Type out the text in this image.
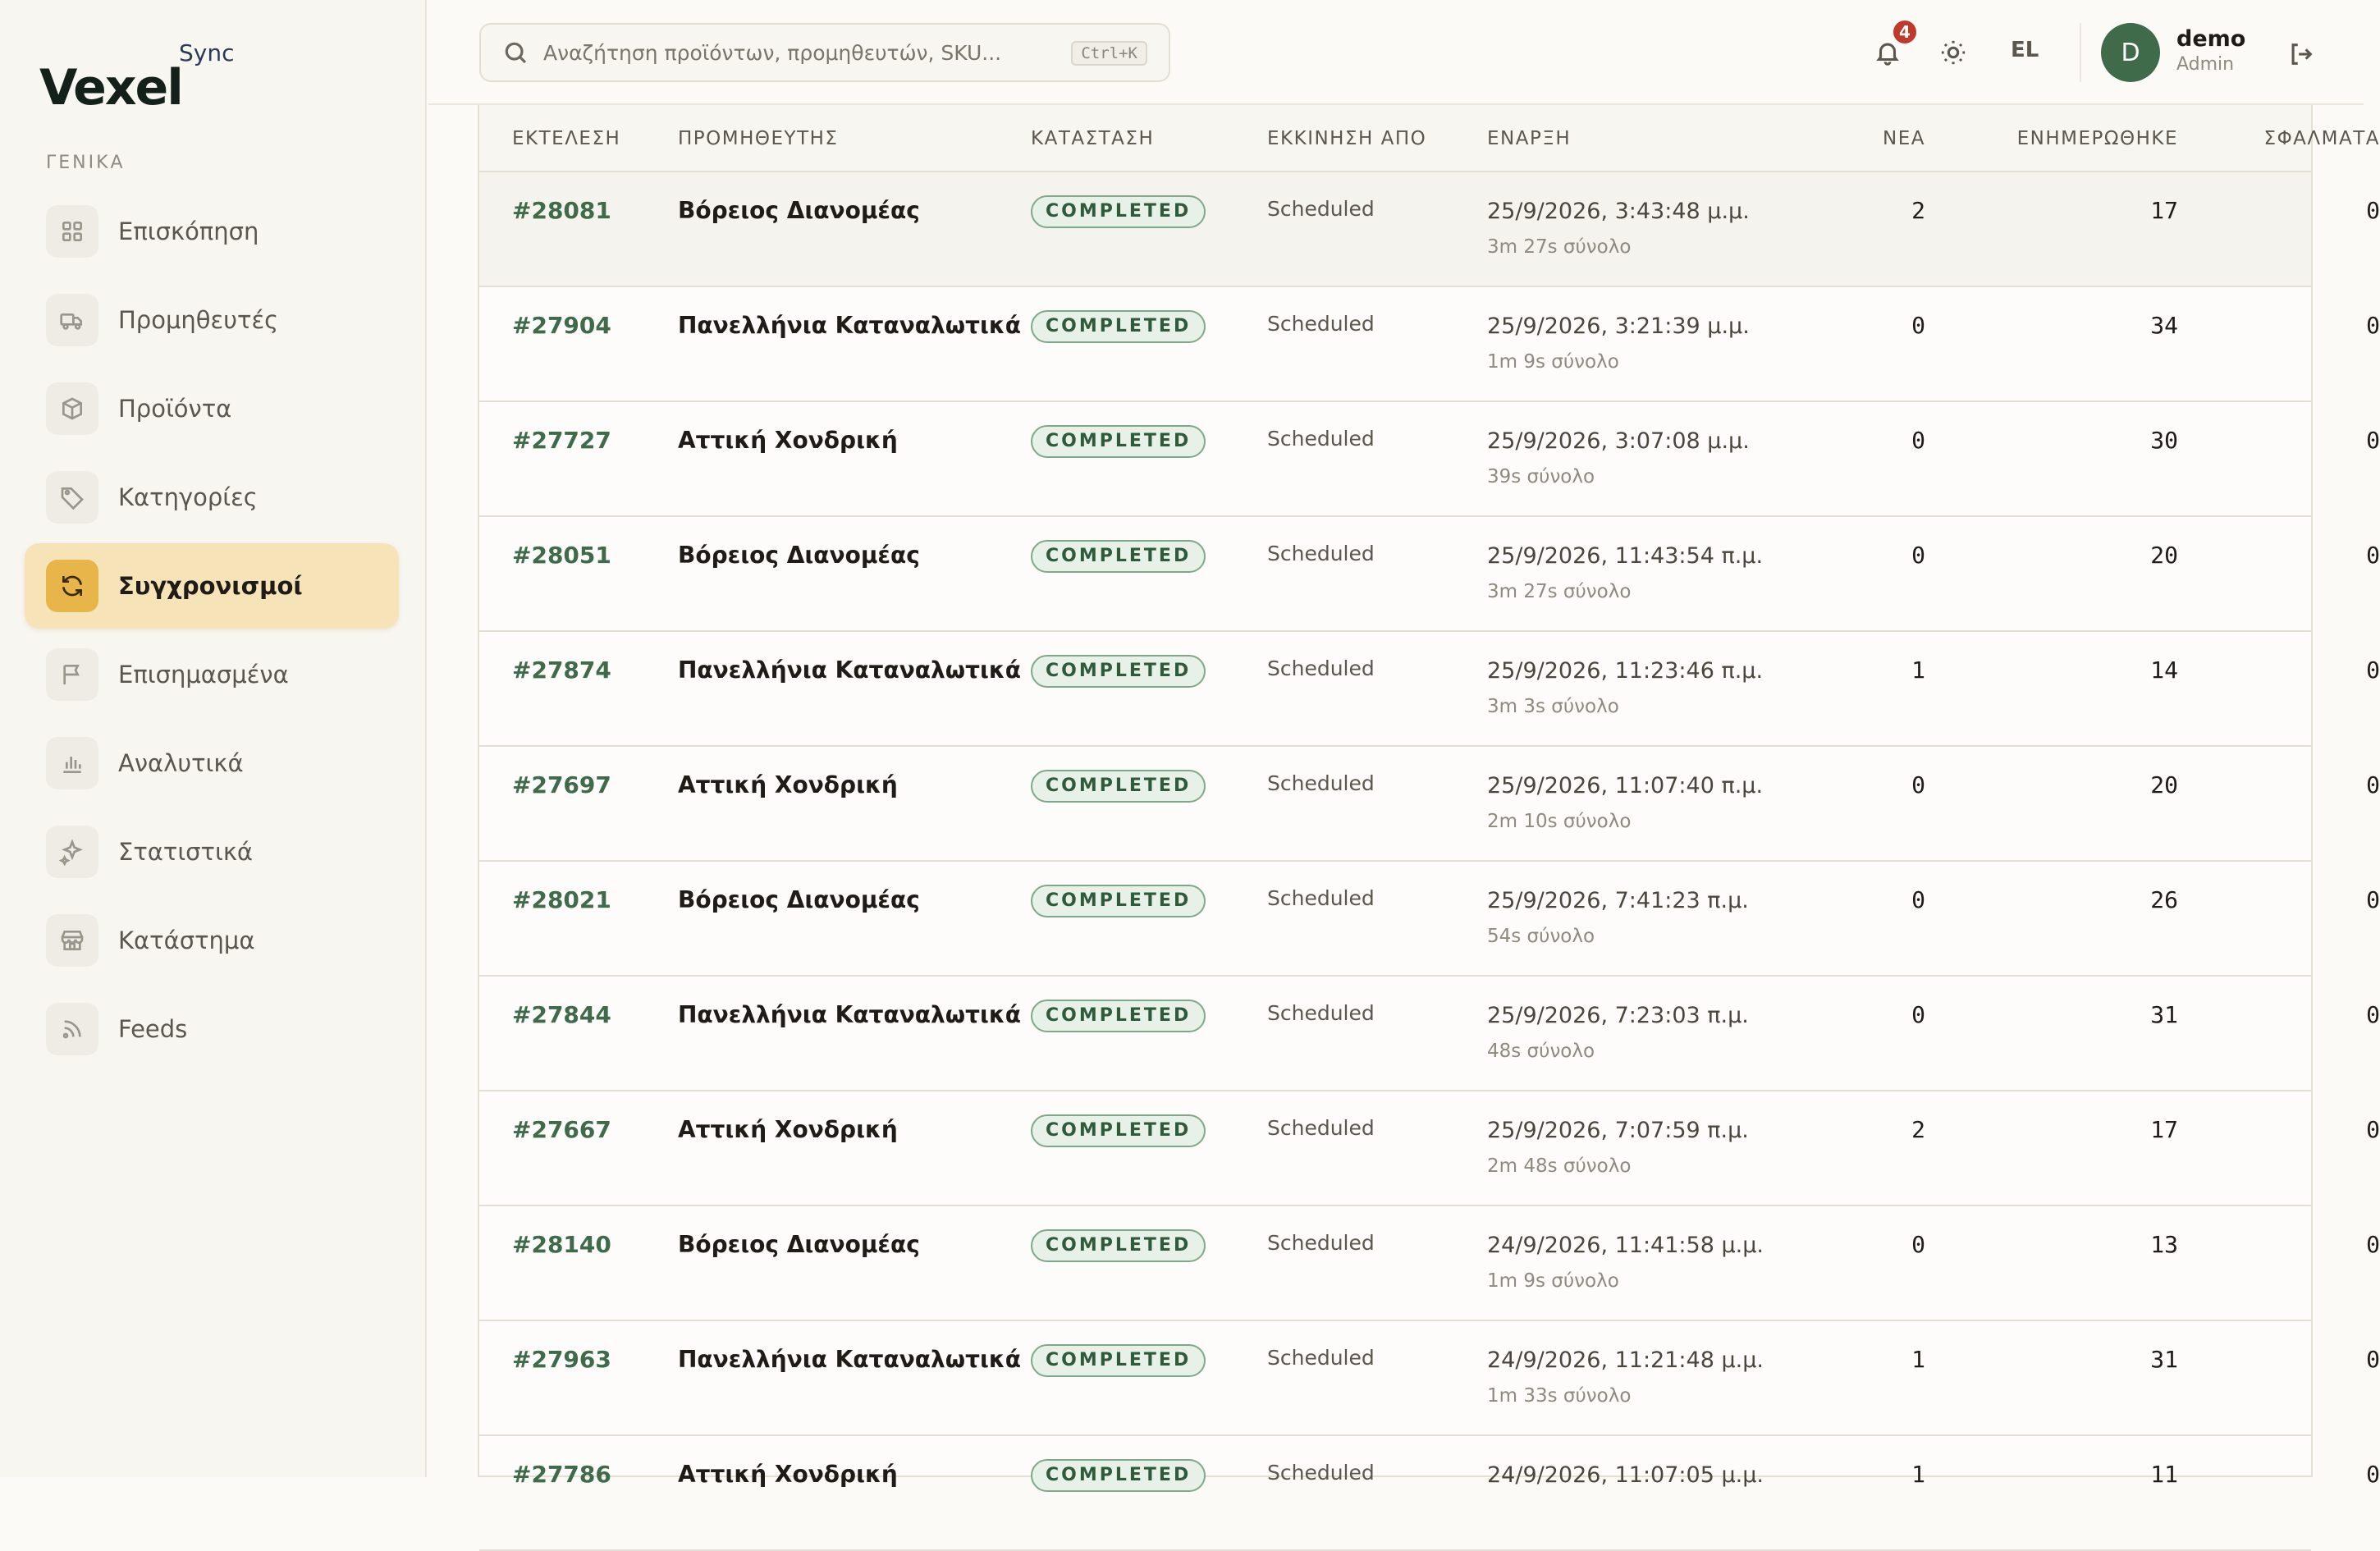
Vexel
Sync
ΓΕΝΙΚΑ
Επισκόπηση
Προμηθευτές
Προϊόντα
Κατηγορίες
Συγχρονισμοί
Επισημασμένα
Αναλυτικά
Στατιστικά
Κατάστημα
Feeds
Αναζήτηση προϊόντων, προμηθευτών, SKU...
Ctrl+K
4
EL	D	demo
Admin
ΕΚΤΕΛΕΣΗ	ΠΡΟΜΗΘΕΥΤΗΣ	ΚΑΤΑΣΤΑΣΗ	ΕΚΚΙΝΗΣΗ ΑΠΟ	ΕΝΑΡΞΗ	ΝΕΑ	ΕΝΗΜΕΡΩΘΗΚΕ	ΣΦΑΛΜΑΤΑ
#28081	Βόρειος Διανομέας	COMPLETED	Scheduled	25/9/2026, 3:43:48 μ.μ.
3m 27s σύνολο
2	17	0
#27904	Πανελλήνια Καταναλωτικά	COMPLETED	Scheduled	25/9/2026, 3:21:39 μ.μ.
1m 9s σύνολο
0	34	0
#27727	Αττική Χονδρική	COMPLETED	Scheduled	25/9/2026, 3:07:08 μ.μ.
39s σύνολο
0	30	0
#28051	Βόρειος Διανομέας	COMPLETED	Scheduled	25/9/2026, 11:43:54 π.μ.
3m 27s σύνολο
0	20	0
#27874	Πανελλήνια Καταναλωτικά	COMPLETED	Scheduled	25/9/2026, 11:23:46 π.μ.
3m 3s σύνολο
1	14	0
#27697	Αττική Χονδρική	COMPLETED	Scheduled	25/9/2026, 11:07:40 π.μ.
2m 10s σύνολο
0	20	0
#28021	Βόρειος Διανομέας	COMPLETED	Scheduled	25/9/2026, 7:41:23 π.μ.
54s σύνολο
0	26	0
#27844	Πανελλήνια Καταναλωτικά	COMPLETED	Scheduled	25/9/2026, 7:23:03 π.μ.
48s σύνολο
0	31	0
#27667	Αττική Χονδρική	COMPLETED	Scheduled	25/9/2026, 7:07:59 π.μ.
2m 48s σύνολο
2	17	0
#28140	Βόρειος Διανομέας	COMPLETED	Scheduled	24/9/2026, 11:41:58 μ.μ.
1m 9s σύνολο
0	13	0
#27963	Πανελλήνια Καταναλωτικά	COMPLETED	Scheduled	24/9/2026, 11:21:48 μ.μ.
1m 33s σύνολο
1	31	0
#27786	Αττική Χονδρική	COMPLETED	Scheduled	24/9/2026, 11:07:05 μ.μ.	1	11	0
